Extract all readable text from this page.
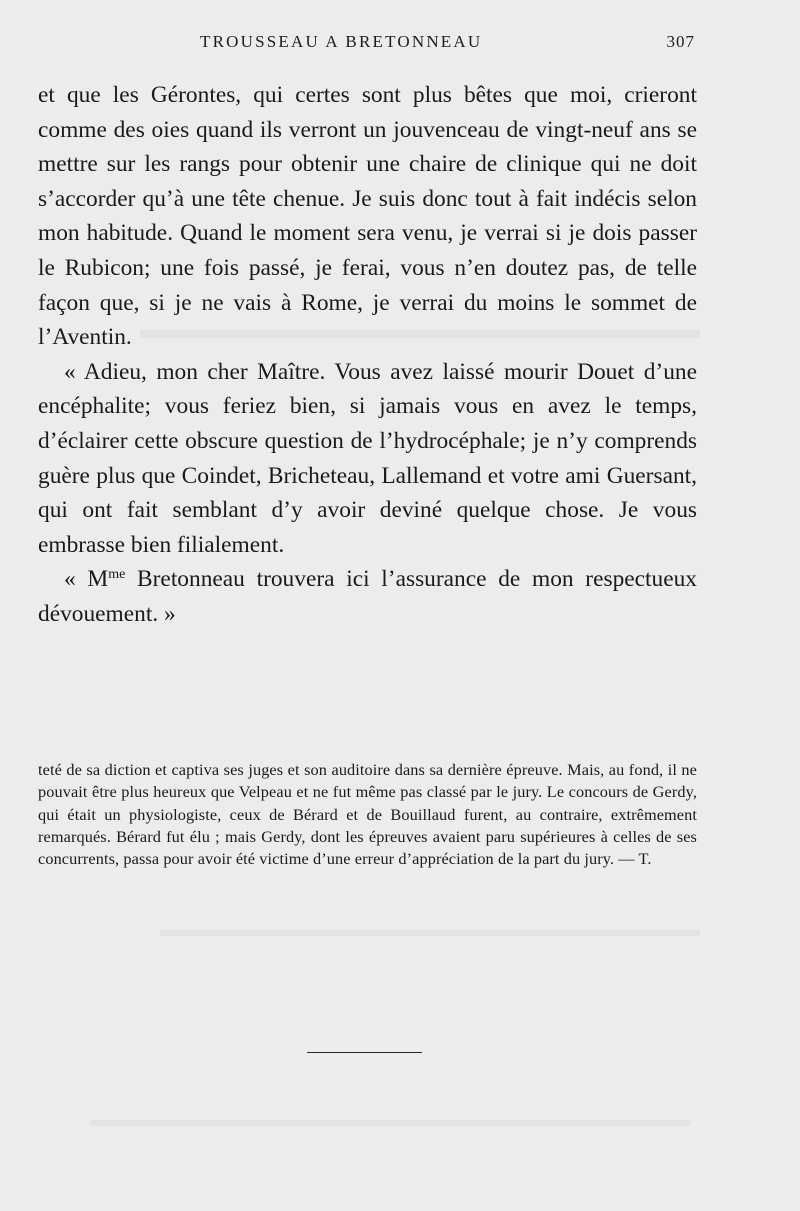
TROUSSEAU A BRETONNEAU	307

et que les Gérontes, qui certes sont plus bêtes que moi, crieront comme des oies quand ils verront un jouvenceau de vingt-neuf ans se mettre sur les rangs pour obtenir une chaire de clinique qui ne doit s’accorder qu’à une tête chenue. Je suis donc tout à fait indécis selon mon habitude. Quand le moment sera venu, je verrai si je dois passer le Rubicon; une fois passé, je ferai, vous n’en doutez pas, de telle façon que, si je ne vais à Rome, je verrai du moins le sommet de l’Aventin.

« Adieu, mon cher Maître. Vous avez laissé mourir Douet d’une encéphalite; vous feriez bien, si jamais vous en avez le temps, d’éclairer cette obscure question de l’hydrocéphale; je n’y comprends guère plus que Coindet, Bricheteau, Lallemand et votre ami Guersant, qui ont fait semblant d’y avoir deviné quelque chose. Je vous embrasse bien filialement.

« $M^{me}$ Bretonneau trouvera ici l’assurance de mon respectueux dévouement. »

teté de sa diction et captiva ses juges et son auditoire dans sa dernière épreuve. Mais, au fond, il ne pouvait être plus heureux que Velpeau et ne fut même pas classé par le jury. Le concours de Gerdy, qui était un physiologiste, ceux de Bérard et de Bouillaud furent, au contraire, extrêmement remarqués. Bérard fut élu ; mais Gerdy, dont les épreuves avaient paru supérieures à celles de ses concurrents, passa pour avoir été victime d’une erreur d’appréciation de la part du jury. — T.
